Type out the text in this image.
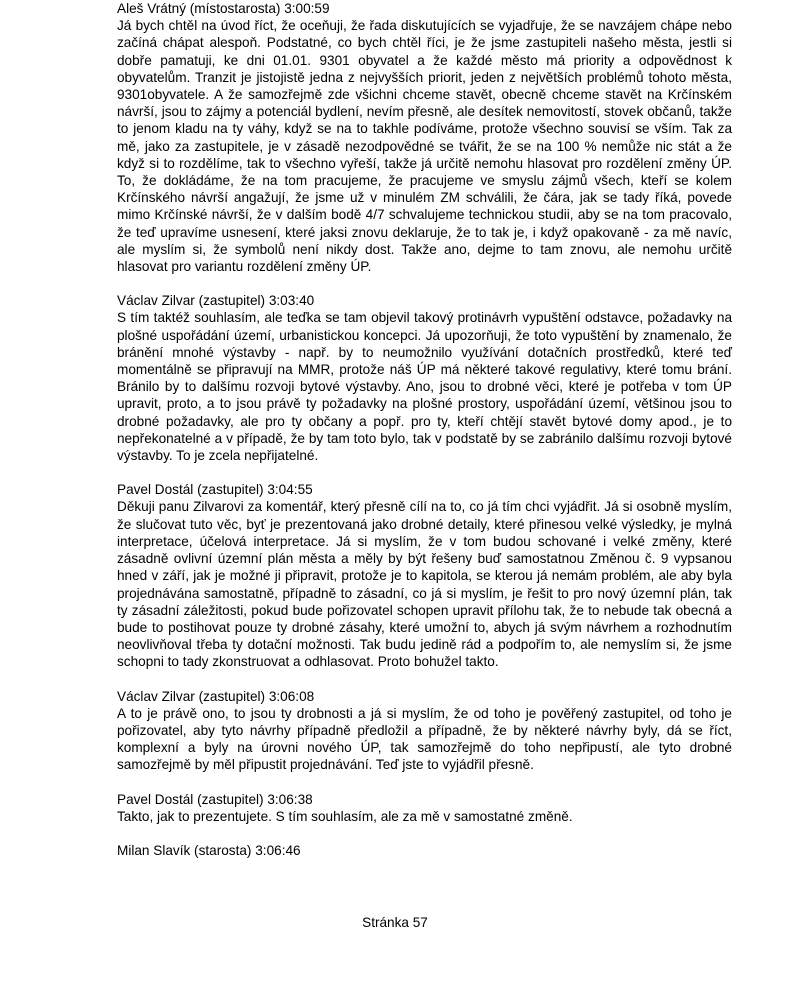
Aleš Vrátný (místostarosta) 3:00:59

Já bych chtěl na úvod říct, že oceňuji, že řada diskutujících se vyjadřuje, že se navzájem chápe nebo začíná chápat alespoň. Podstatné, co bych chtěl říci, je že jsme zastupiteli našeho města, jestli si dobře pamatuji, ke dni 01.01. 9301 obyvatel a že každé město má priority a odpovědnost k obyvatelům. Tranzit je jistojistě jedna z nejvyšších priorit, jeden z největších problémů tohoto města, 9301obyvatele. A že samozřejmě zde všichni chceme stavět, obecně chceme stavět na Krčínském návrší, jsou to zájmy a potenciál bydlení, nevím přesně, ale desítek nemovitostí, stovek občanů, takže to jenom kladu na ty váhy, když se na to takhle podíváme, protože všechno souvisí se vším. Tak za mě, jako za zastupitele, je v zásadě nezodpovědné se tvářit, že se na 100 % nemůže nic stát a že když si to rozdělíme, tak to všechno vyřeší, takže já určitě nemohu hlasovat pro rozdělení změny ÚP. To, že dokládáme, že na tom pracujeme, že pracujeme ve smyslu zájmů všech, kteří se kolem Krčínského návrší angažují, že jsme už v minulém ZM schválili, že čára, jak se tady říká, povede mimo Krčínské návrší, že v dalším bodě 4/7 schvalujeme technickou studii, aby se na tom pracovalo, že teď upravíme usnesení, které jaksi znovu deklaruje, že to tak je, i když opakovaně - za mě navíc, ale myslím si, že symbolů není nikdy dost. Takže ano, dejme to tam znovu, ale nemohu určitě hlasovat pro variantu rozdělení změny ÚP.

Václav Zilvar (zastupitel) 3:03:40

S tím taktéž souhlasím, ale teďka se tam objevil takový protinávrh vypuštění odstavce, požadavky na plošné uspořádání území, urbanistickou koncepci. Já upozorňuji, že toto vypuštění by znamenalo, že bránění mnohé výstavby - např. by to neumožnilo využívání dotačních prostředků, které teď momentálně se připravují na MMR, protože náš ÚP má některé takové regulativy, které tomu brání. Bránilo by to dalšímu rozvoji bytové výstavby. Ano, jsou to drobné věci, které je potřeba v tom ÚP upravit, proto, a to jsou právě ty požadavky na plošné prostory, uspořádání území, většinou jsou to drobné požadavky, ale pro ty občany a popř. pro ty, kteří chtějí stavět bytové domy apod., je to nepřekonatelné a v případě, že by tam toto bylo, tak v podstatě by se zabránilo dalšímu rozvoji bytové výstavby. To je zcela nepřijatelné.

Pavel Dostál (zastupitel) 3:04:55

Děkuji panu Zilvarovi za komentář, který přesně cílí na to, co já tím chci vyjádřit. Já si osobně myslím, že slučovat tuto věc, byť je prezentovaná jako drobné detaily, které přinesou velké výsledky, je mylná interpretace, účelová interpretace. Já si myslím, že v tom budou schované i velké změny, které zásadně ovlivní územní plán města a měly by být řešeny buď samostatnou Změnou č. 9 vypsanou hned v září, jak je možné ji připravit, protože je to kapitola, se kterou já nemám problém, ale aby byla projednávána samostatně, případně to zásadní, co já si myslím, je řešit to pro nový územní plán, tak ty zásadní záležitosti, pokud bude pořizovatel schopen upravit přílohu tak, že to nebude tak obecná a bude to postihovat pouze ty drobné zásahy, které umožní to, abych já svým návrhem a rozhodnutím neovlivňoval třeba ty dotační možnosti. Tak budu jedině rád a podpořím to, ale nemyslím si, že jsme schopni to tady zkonstruovat a odhlasovat. Proto bohužel takto.

Václav Zilvar (zastupitel) 3:06:08

A to je právě ono, to jsou ty drobnosti a já si myslím, že od toho je pověřený zastupitel, od toho je pořizovatel, aby tyto návrhy případně předložil a případně, že by některé návrhy byly, dá se říct, komplexní a byly na úrovni nového ÚP, tak samozřejmě do toho nepřipustí, ale tyto drobné samozřejmě by měl připustit projednávání. Teď jste to vyjádřil přesně.

Pavel Dostál (zastupitel) 3:06:38

Takto, jak to prezentujete. S tím souhlasím, ale za mě v samostatné změně.

Milan Slavík (starosta) 3:06:46

Stránka 57
